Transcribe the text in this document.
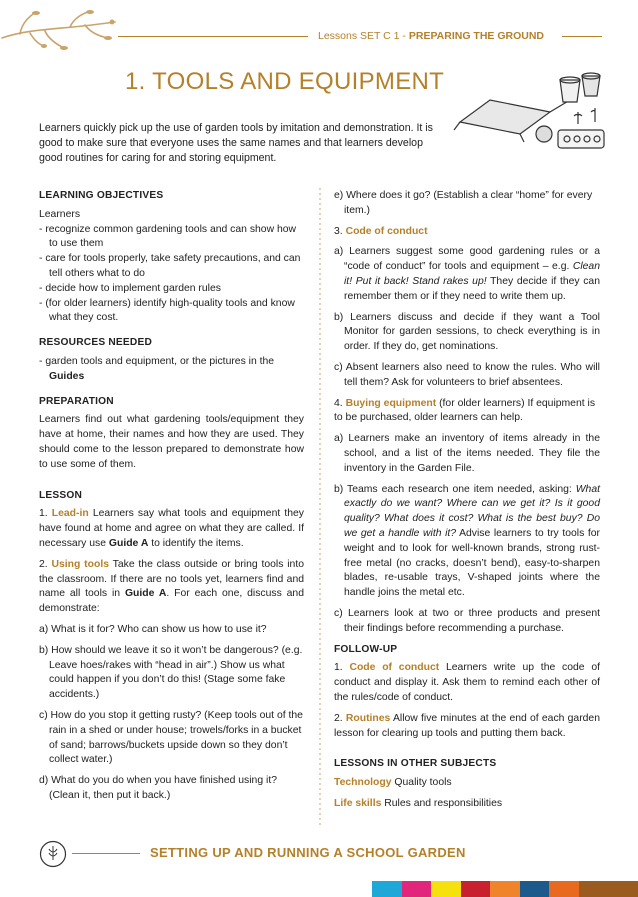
Lessons SET C 1 - PREPARING THE GROUND
1. TOOLS AND EQUIPMENT
Learners quickly pick up the use of garden tools by imitation and demonstration. It is good to make sure that everyone uses the same names and that learners develop good routines for caring for and storing equipment.
LEARNING OBJECTIVES
Learners
- recognize common gardening tools and can show how to use them
- care for tools properly, take safety precautions, and can tell others what to do
- decide how to implement garden rules
- (for older learners) identify high-quality tools and know what they cost.
RESOURCES NEEDED
- garden tools and equipment, or the pictures in the Guides
PREPARATION

Learners find out what gardening tools/equipment they have at home, their names and how they are used. They should come to the lesson prepared to demonstrate how to use some of them.

LESSON

1. Lead-in Learners say what tools and equipment they have found at home and agree on what they are called. If necessary use Guide A to identify the items.

2. Using tools Take the class outside or bring tools into the classroom. If there are no tools yet, learners find and name all tools in Guide A. For each one, discuss and demonstrate:

a) What is it for? Who can show us how to use it?
b) How should we leave it so it won’t be dangerous? (e.g. Leave hoes/rakes with “head in air”.) Show us what could happen if you don’t do this! (Stage some fake accidents.)
c) How do you stop it getting rusty? (Keep tools out of the rain in a shed or under house; trowels/forks in a bucket of sand; barrows/buckets upside down so they don’t collect water.)
d) What do you do when you have finished using it? (Clean it, then put it back.)
e) Where does it go? (Establish a clear “home” for every item.)

3. Code of conduct

a) Learners suggest some good gardening rules or a “code of conduct” for tools and equipment – e.g. Clean it! Put it back! Stand rakes up! They decide if they can remember them or if they need to write them up.
b) Learners discuss and decide if they want a Tool Monitor for garden sessions, to check everything is in order. If they do, get nominations.
c) Absent learners also need to know the rules. Who will tell them? Ask for volunteers to brief absentees.

4. Buying equipment (for older learners) If equipment is to be purchased, older learners can help.

a) Learners make an inventory of items already in the school, and a list of the items needed. They file the inventory in the Garden File.
b) Teams each research one item needed, asking: What exactly do we want? Where can we get it? Is it good quality? What does it cost? What is the best buy? Do we get a handle with it? Advise learners to try tools for weight and to look for well-known brands, strong rust-free metal (no cracks, doesn’t bend), easy-to-sharpen blades, re-usable trays, V-shaped joints where the handle joins the metal etc.
c) Learners look at two or three products and present their findings before recommending a purchase.
FOLLOW-UP

1. Code of conduct Learners write up the code of conduct and display it. Ask them to remind each other of the rules/code of conduct.

2. Routines Allow five minutes at the end of each garden lesson for clearing up tools and putting them back.

LESSONS IN OTHER SUBJECTS

Technology Quality tools

Life skills Rules and responsibilities

SETTING UP AND RUNNING A SCHOOL GARDEN
